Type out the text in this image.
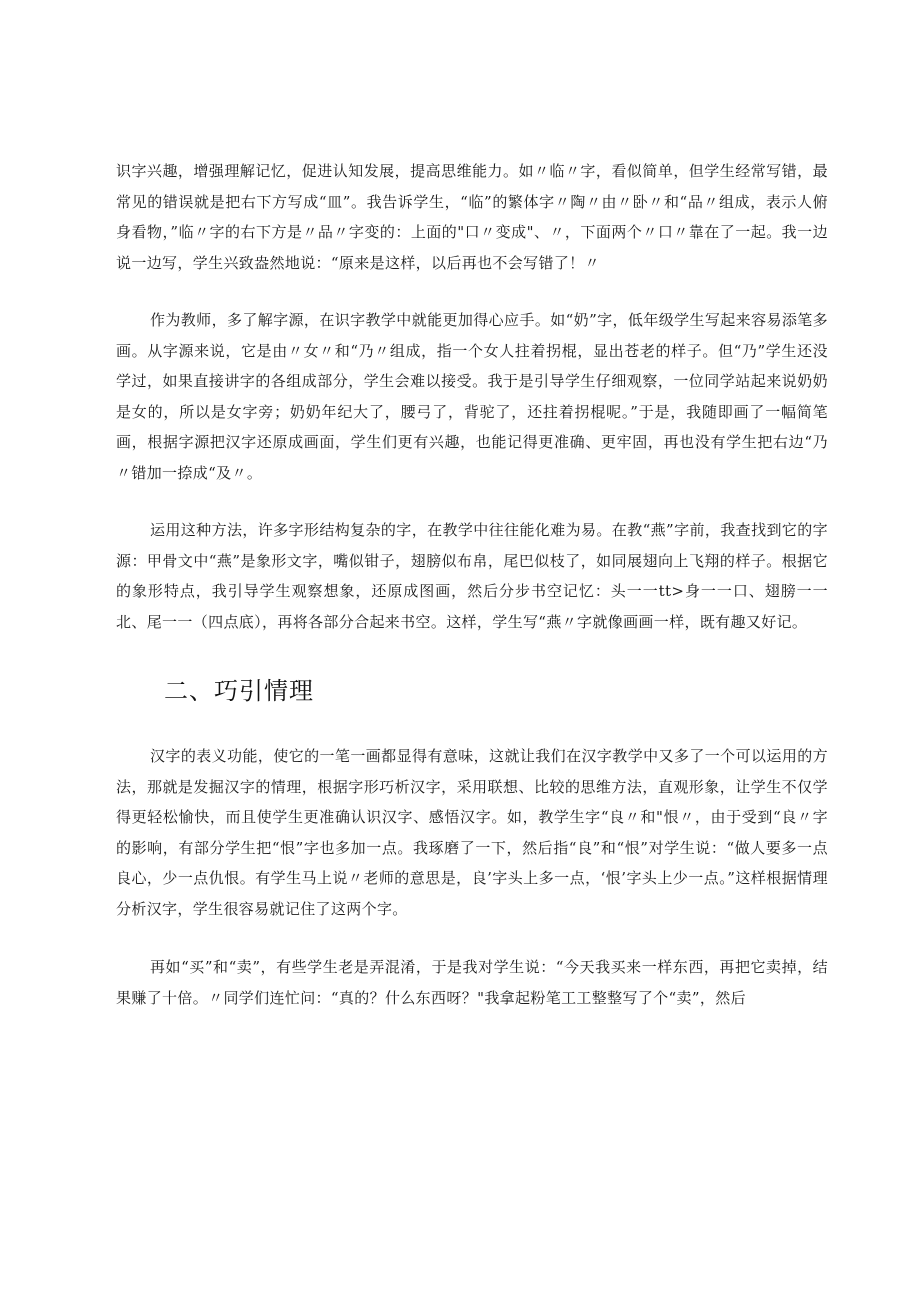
识字兴趣，增强理解记忆，促进认知发展，提高思维能力。如〃临〃字，看似简单，但学生经常写错，最常见的错误就是把右下方写成“皿”。我告诉学生，“临”的繁体字〃陶〃由〃卧〃和“品〃组成，表示人俯身看物，”临〃字的右下方是〃品〃字变的：上面的"口〃变成"、〃，下面两个〃口〃靠在了一起。我一边说一边写，学生兴致盎然地说：“原来是这样，以后再也不会写错了！〃

作为教师，多了解字源，在识字教学中就能更加得心应手。如“奶”字，低年级学生写起来容易添笔多画。从字源来说，它是由〃女〃和“乃〃组成，指一个女人拄着拐棍，显出苍老的样子。但“乃”学生还没学过，如果直接讲字的各组成部分，学生会难以接受。我于是引导学生仔细观察，一位同学站起来说奶奶是女的，所以是女字旁；奶奶年纪大了，腰弓了，背驼了，还拄着拐棍呢。”于是，我随即画了一幅简笔画，根据字源把汉字还原成画面，学生们更有兴趣，也能记得更准确、更牢固，再也没有学生把右边“乃〃错加一捺成“及〃。

运用这种方法，许多字形结构复杂的字，在教学中往往能化难为易。在教“燕”字前，我查找到它的字源：甲骨文中“燕”是象形文字，嘴似钳子，翅膀似布帛，尾巴似枝了，如同展翅向上飞翔的样子。根据它的象形特点，我引导学生观察想象，还原成图画，然后分步书空记忆：头一一tt>身一一口、翅膀一一北、尾一一（四点底），再将各部分合起来书空。这样，学生写“燕〃字就像画画一样，既有趣又好记。

二、巧引情理

汉字的表义功能，使它的一笔一画都显得有意味，这就让我们在汉字教学中又多了一个可以运用的方法，那就是发掘汉字的情理，根据字形巧析汉字，采用联想、比较的思维方法，直观形象，让学生不仅学得更轻松愉快，而且使学生更准确认识汉字、感悟汉字。如，教学生字“良〃和"恨〃，由于受到“良〃字的影响，有部分学生把“恨”字也多加一点。我琢磨了一下，然后指“良”和“恨”对学生说：“做人要多一点良心，少一点仇恨。有学生马上说〃老师的意思是，良’字头上多一点，‘恨’字头上少一点。”这样根据情理分析汉字，学生很容易就记住了这两个字。

再如“买”和“卖”，有些学生老是弄混淆，于是我对学生说：“今天我买来一样东西，再把它卖掉，结果赚了十倍。〃同学们连忙问：“真的？什么东西呀？"我拿起粉笔工工整整写了个“卖”，然后
